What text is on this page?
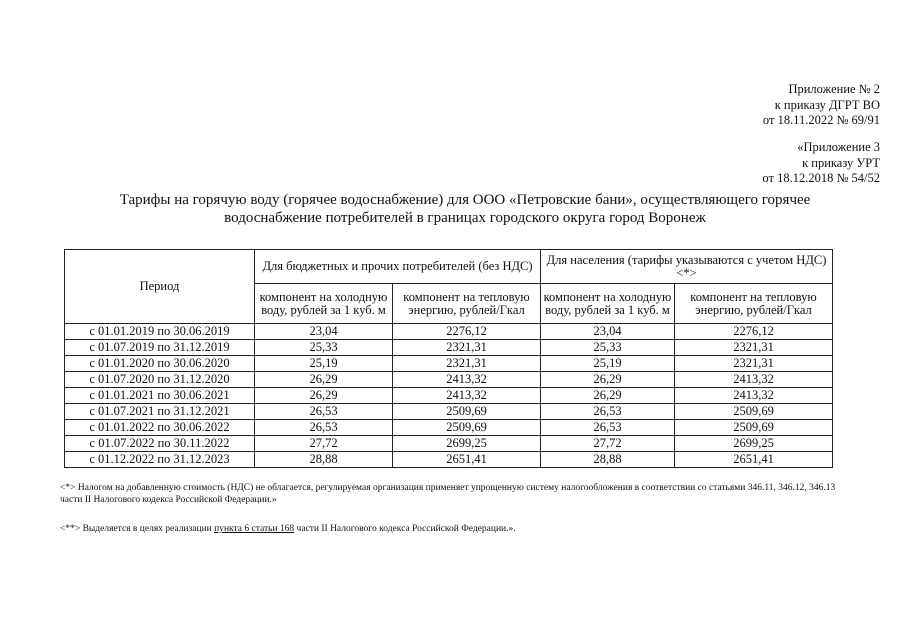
Приложение № 2
к приказу ДГРТ ВО
от 18.11.2022 № 69/91
«Приложение 3
к приказу УРТ
от 18.12.2018 № 54/52
Тарифы на горячую воду (горячее водоснабжение) для ООО «Петровские бани», осуществляющего горячее
водоснабжение потребителей в границах городского округа город Воронеж
Период	Для бюджетных и прочих потребителей (без НДС)		Для населения (тарифы указываются с учетом НДС) <*>	
	компонент на холодную воду, рублей за 1 куб. м	компонент на тепловую энергию, рублей/Гкал	компонент на холодную воду, рублей за 1 куб. м	компонент на тепловую энергию, рублей/Гкал
с 01.01.2019 по 30.06.2019	23,04	2276,12	23,04	2276,12
с 01.07.2019 по 31.12.2019	25,33	2321,31	25,33	2321,31
с 01.01.2020 по 30.06.2020	25,19	2321,31	25,19	2321,31
с 01.07.2020 по 31.12.2020	26,29	2413,32	26,29	2413,32
с 01.01.2021 по 30.06.2021	26,29	2413,32	26,29	2413,32
с 01.07.2021 по 31.12.2021	26,53	2509,69	26,53	2509,69
с 01.01.2022 по 30.06.2022	26,53	2509,69	26,53	2509,69
с 01.07.2022 по 30.11.2022	27,72	2699,25	27,72	2699,25
с 01.12.2022 по 31.12.2023	28,88	2651,41	28,88	2651,41
<*> Налогом на добавленную стоимость (НДС) не облагается, регулируемая организация применяет упрощенную систему налогообложения в соответствии со статьями 346.11, 346.12, 346.13 части II Налогового кодекса Российской Федерации.»
<**> Выделяется в целях реализации пункта 6 статьи 168 части II Налогового кодекса Российской Федерации.».
